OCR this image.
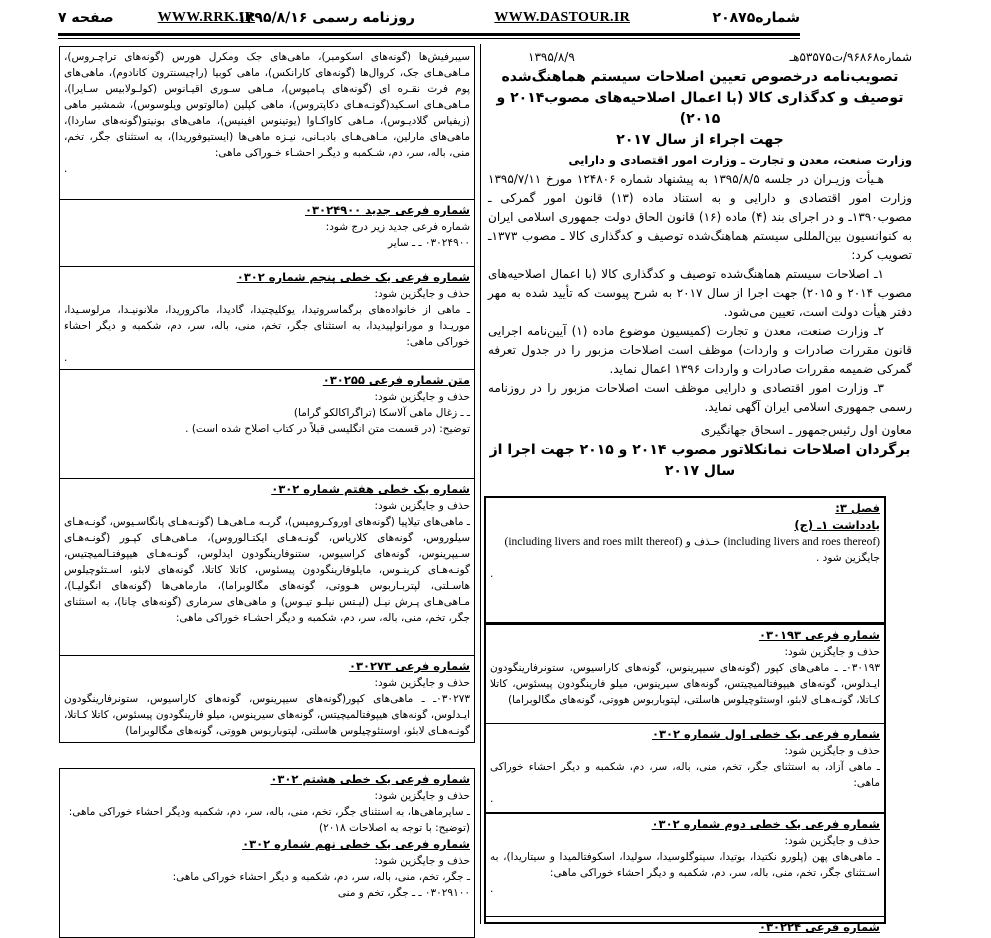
شماره۲۰۸۷۵
WWW.DASTOUR.IR
روزنامه رسمی ۱۳۹۵/۸/۱۶
WWW.RRK.IR
صفحه ۷
شماره۹۶۸۶۸/ت۵۳۵۷۵هـ
۱۳۹۵/۸/۹

تصویب‌نامه درخصوص تعیین اصلاحات سیستم هماهنگ‌شده

توصیف و کدگذاری کالا (با اعمال اصلاحیه‌های مصوب۲۰۱۴ و ۲۰۱۵)

جهت اجراء از سال ۲۰۱۷

وزارت صنعت، معدن و تجارت ـ وزارت امور اقتصادی و دارایی

هـیأت وزیـران در جلسه ۱۳۹۵/۸/۵ به پیشنهاد شماره ۱۲۴۸۰۶ مورخ ۱۳۹۵/۷/۱۱ وزارت امور اقتصادی و دارایی و به استناد ماده (۱۳) قانون امور گمرکی ـ مصوب۱۳۹۰ـ و در اجرای بند (۴) ماده (۱۶) قانون الحاق دولت جمهوری اسلامی ایران به کنوانسیون بین‌المللی سیستم هماهنگ‌شده توصیف و کدگذاری کالا ـ مصوب ۱۳۷۳ـ تصویب کرد:

۱ـ اصلاحات سیستم هماهنگ‌شده توصیف و کدگذاری کالا (با اعمال اصلاحیه‌های مصوب ۲۰۱۴ و ۲۰۱۵) جهت اجرا از سال ۲۰۱۷ به شرح پیوست که تأیید شده به مهر دفتر هیأت دولت است، تعیین می‌شود.

۲ـ وزارت صنعت، معدن و تجارت (کمیسیون موضوع ماده (۱) آیین‌نامه اجرایی قانون مقررات صادرات و واردات) موظف است اصلاحات مزبور را در جدول تعرفه گمرکی ضمیمه مقررات صادرات و واردات ۱۳۹۶ اعمال نماید.

۳ـ وزارت امور اقتصادی و دارایی موظف است اصلاحات مزبور را در روزنامه رسمی جمهوری اسلامی ایران آگهی نماید.

معاون اول رئیس‌جمهور ـ اسحاق جهانگیری

برگردان اصلاحات نمانکلاتور مصوب ۲۰۱۴ و ۲۰۱۵ جهت اجرا از سال ۲۰۱۷

فصل ۳:
یادداشت ۱ـ (ج)
(including livers and roes thereof) حـذف و (including livers and roes milt thereof)
جایگزین شود .
.
شماره فرعی ۰۳۰۱۹۳
حذف و جایگزین شود:
۰۳۰۱۹۳ـ ـ ماهی‌های کپور (گونه‌های سیپرینوس، گونه‌های کاراسیوس، ستونرفارینگودون ایـدلوس، گونه‌های هیپوفتالمیچیتس، گونه‌های سیرینوس، میلو فارینگودون پیسئوس، کاتلا کـاتلا، گونـه‌هـای لابئو، اوستئوچیلوس هاسلتی، لپتوباربوس هووتی، گونه‌های مگالوبراما)
شماره فرعی یک خطی اول شماره ۰۳۰۲
حذف و جایگزین شود:
ـ ماهی آزاد، به استثنای جگر، تخم، منی، باله، سر، دم، شکمبه و دیگر احشاء خوراکی ماهی:
.
شماره فرعی یک خطی دوم شماره ۰۳۰۲
حذف و جایگزین شود:
ـ ماهی‌های پهن (پلورو نکتیدا، بوتیدا، سینوگلوسیدا، سولیدا، اسکوفتالمیدا و سیتاریدا)، به اسـتثنای جگر، تخم، منی، باله، سر، دم، شکمبه و دیگر احشاء خوراکی ماهی:
.
شماره فرعی ۰۳۰۲۲۴
سیبرفیش‌ها (گونه‌های اسکومبر)، ماهی‌های جک ومکرل هورس (گونه‌های تراچـروس)، مـاهی‌هـای جک، کروال‌ها (گونه‌های کارانکس)، ماهی کوبیا (راچیسنترون کانادوم)، ماهی‌های پوم فرت نقـره ای (گونه‌های پـامپوس)، مـاهی سـوری اقیـانوس (کولـولابیس سـایرا)، مـاهی‌هـای اسـکید(گونـه‌هـای دکاپتروس)، ماهی کپلین (مالوتوس ویلوسوس)، شمشیر ماهی (زیفیاس گلادیـوس)، مـاهی کاواکـاوا (یوتینوس افینیس)، ماهی‌های بونیتو(گونه‌های ساردا)، ماهی‌های مارلین، مـاهی‌هـای بادبـانی، نیـزه ماهی‌ها (ایستیوفوریدا)، به استثنای جگر، تخم، منی، باله، سر، دم، شـکمبه و دیگـر احشـاء خـوراکی ماهی:
.
شماره فرعی جدید ۰۳۰۲۴۹۰۰
شماره فرعی جدید زیر درج شود:
۰۳۰۲۴۹۰۰ ـ ـ سایر
شماره فرعی یک خطی پنجم شماره ۰۳۰۲
حذف و جایگزین شود:
ـ ماهی از خانواده‌های برگماسروتیدا، یوکلیچتیدا، گادیدا، ماکروریدا، ملانونیـدا، مرلوسـیدا، موریـدا و مورانولپیدیدا، به استثنای جگر، تخم، منی، باله، سر، دم، شکمبه و دیگر احشاء خوراکی ماهی:
.
متن شماره فرعی ۰۳۰۲۵۵
حذف و جایگزین شود:
ـ ـ زغال ماهی آلاسکا (تراگراکالکو گراما)
توضیح: (در قسمت متن انگلیسی قبلاً در کتاب اصلاح شده است) .
شماره یک خطی هفتم شماره ۰۳۰۲
حذف و جایگزین شود:
ـ ماهی‌های تیلاپیا (گونه‌های اوروکـرومیس)، گربـه مـاهی‌هـا (گونـه‌هـای پانگاسـیوس، گونـه‌هـای سیلوروس، گونه‌های کلاریاس، گونـه‌هـای ایکتـالوروس)، مـاهی‌هـای کپـور (گونـه‌هـای سـیپرینوس، گونه‌های کراسیوس، ستنوفارینگودون ایدلوس، گونـه‌هـای هیپوفتـالمیچتیس، گونـه‌هـای کرینـوس، مایلوفارینگودون پیسئوس، کاتلا کاتلا، گونه‌های لابئو، اسـتئوچیلوس هاسـلتی، لپتربـاربوس هـووتی، گونه‌های مگالوبراما)، مارماهی‌ها (گونه‌های انگولیـا)، مـاهی‌هـای پـرش نیـل (لیـتس نیلـو تیـوس) و ماهی‌های سرماری (گونه‌های چانا)، به استثنای جگر، تخم، منی، باله، سر، دم، شکمبه و دیگر احشـاء خوراکی ماهی:
شماره فرعی ۰۳۰۲۷۳
حذف و جایگزین شود:
۰۳۰۲۷۳ـ ـ ماهی‌های کپور(گونه‌های سیپرینوس، گونه‌های کاراسیوس، ستونرفارینگودون ایـدلوس، گونه‌های هیپوفتالمیچیتس، گونه‌های سیرینوس، میلو فارینگودون پیسئوس، کاتلا کـاتلا، گونـه‌هـای لابئو، اوستئوچیلوس هاسلتی، لپتوباربوس هووتی، گونه‌های مگالوبراما)
شماره فرعی یک خطی هشتم ۰۳۰۲
حذف و جایگزین شود:
ـ سایرماهی‌ها، به استثنای جگر، تخم، منی، باله، سر، دم، شکمبه ودیگر احشاء خوراکی ماهی:
(توضیح: با توجه به اصلاحات ۲۰۱۸)
شماره فرعی یک خطی نهم شماره ۰۳۰۲
حذف و جایگزین شود:
ـ جگر، تخم، منی، باله، سر، دم، شکمبه و دیگر احشاء خوراکی ماهی:
۰۳۰۲۹۱۰۰ ـ ـ جگر، تخم و منی
